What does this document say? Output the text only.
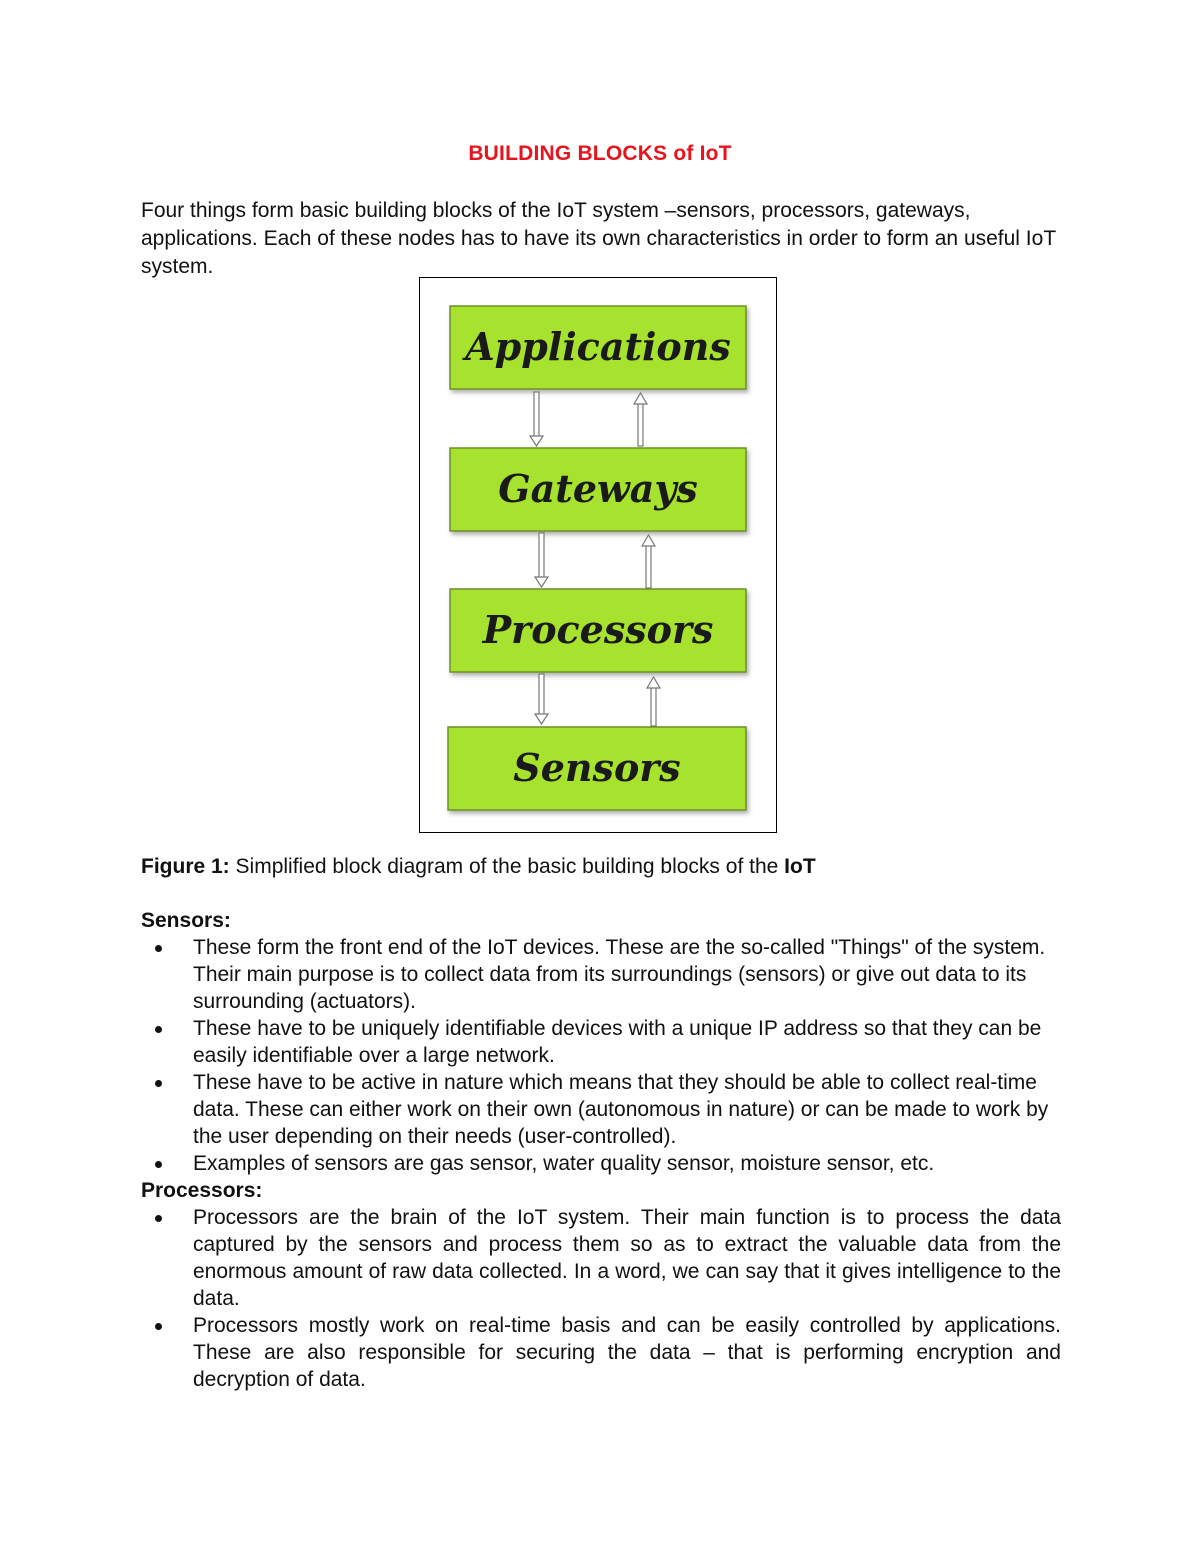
BUILDING BLOCKS of IoT

Four things form basic building blocks of the IoT system –sensors, processors, gateways, applications. Each of these nodes has to have its own characteristics in order to form an useful IoT system.

Applications
Gateways
Processors
Sensors

Figure 1: Simplified block diagram of the basic building blocks of the IoT

Sensors:

These form the front end of the IoT devices. These are the so-called "Things" of the system. Their main purpose is to collect data from its surroundings (sensors) or give out data to its surrounding (actuators).
These have to be uniquely identifiable devices with a unique IP address so that they can be easily identifiable over a large network.
These have to be active in nature which means that they should be able to collect real-time data. These can either work on their own (autonomous in nature) or can be made to work by the user depending on their needs (user-controlled).
Examples of sensors are gas sensor, water quality sensor, moisture sensor, etc.

Processors:

Processors are the brain of the IoT system. Their main function is to process the data captured by the sensors and process them so as to extract the valuable data from the enormous amount of raw data collected. In a word, we can say that it gives intelligence to the data.
Processors mostly work on real-time basis and can be easily controlled by applications. These are also responsible for securing the data – that is performing encryption and decryption of data.
